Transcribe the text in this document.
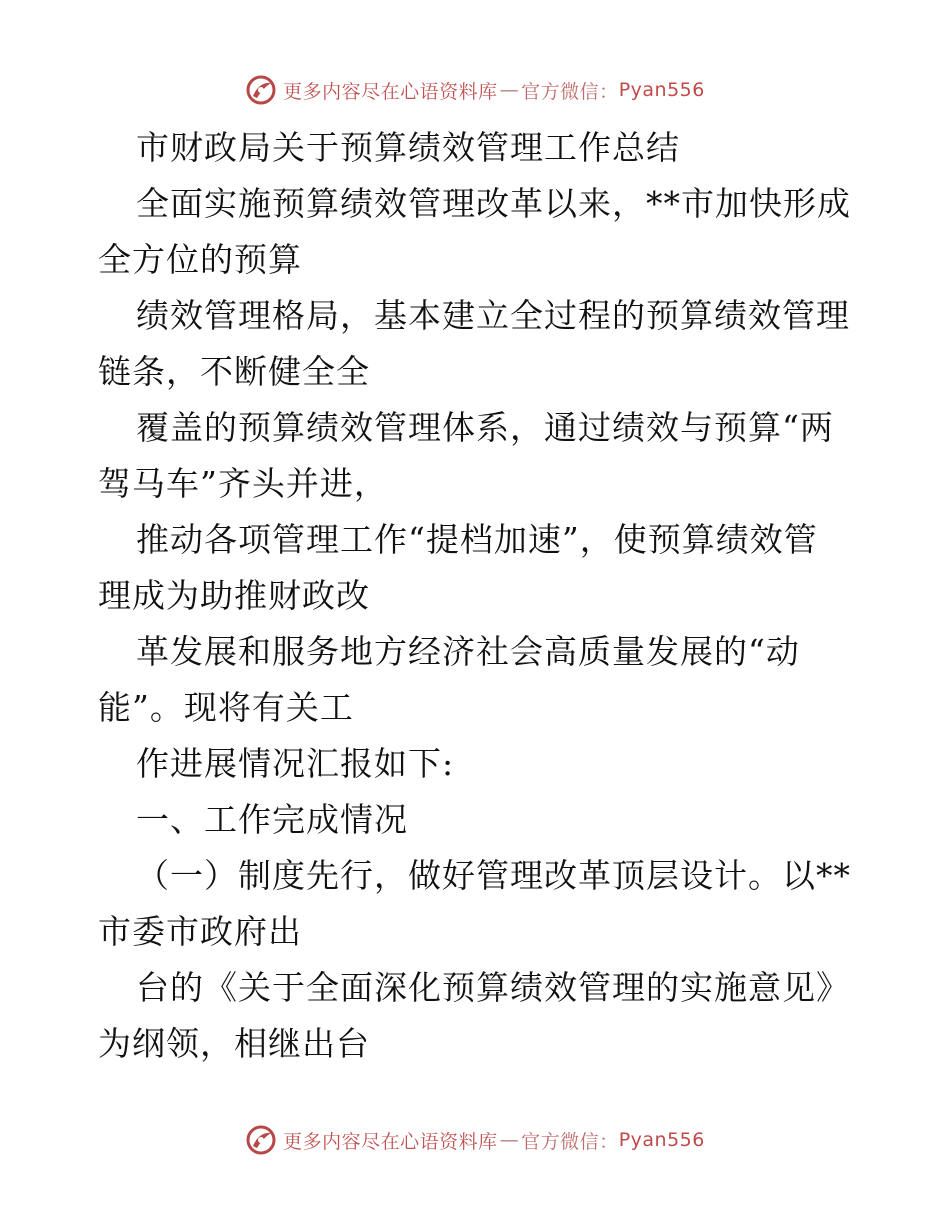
更多内容尽在心语资料库 — 官方微信： Pyan556
市财政局关于预算绩效管理工作总结
全面实施预算绩效管理改革以来，**市加快形成
全方位的预算
绩效管理格局，基本建立全过程的预算绩效管理
链条，不断健全全
覆盖的预算绩效管理体系，通过绩效与预算“两
驾马车”齐头并进，
推动各项管理工作“提档加速”，使预算绩效管
理成为助推财政改
革发展和服务地方经济社会高质量发展的“动
能”。现将有关工
作进展情况汇报如下:
一、工作完成情况
（一）制度先行，做好管理改革顶层设计。以**
市委市政府出
台的《关于全面深化预算绩效管理的实施意见》
为纲领，相继出台
更多内容尽在心语资料库 — 官方微信： Pyan556
